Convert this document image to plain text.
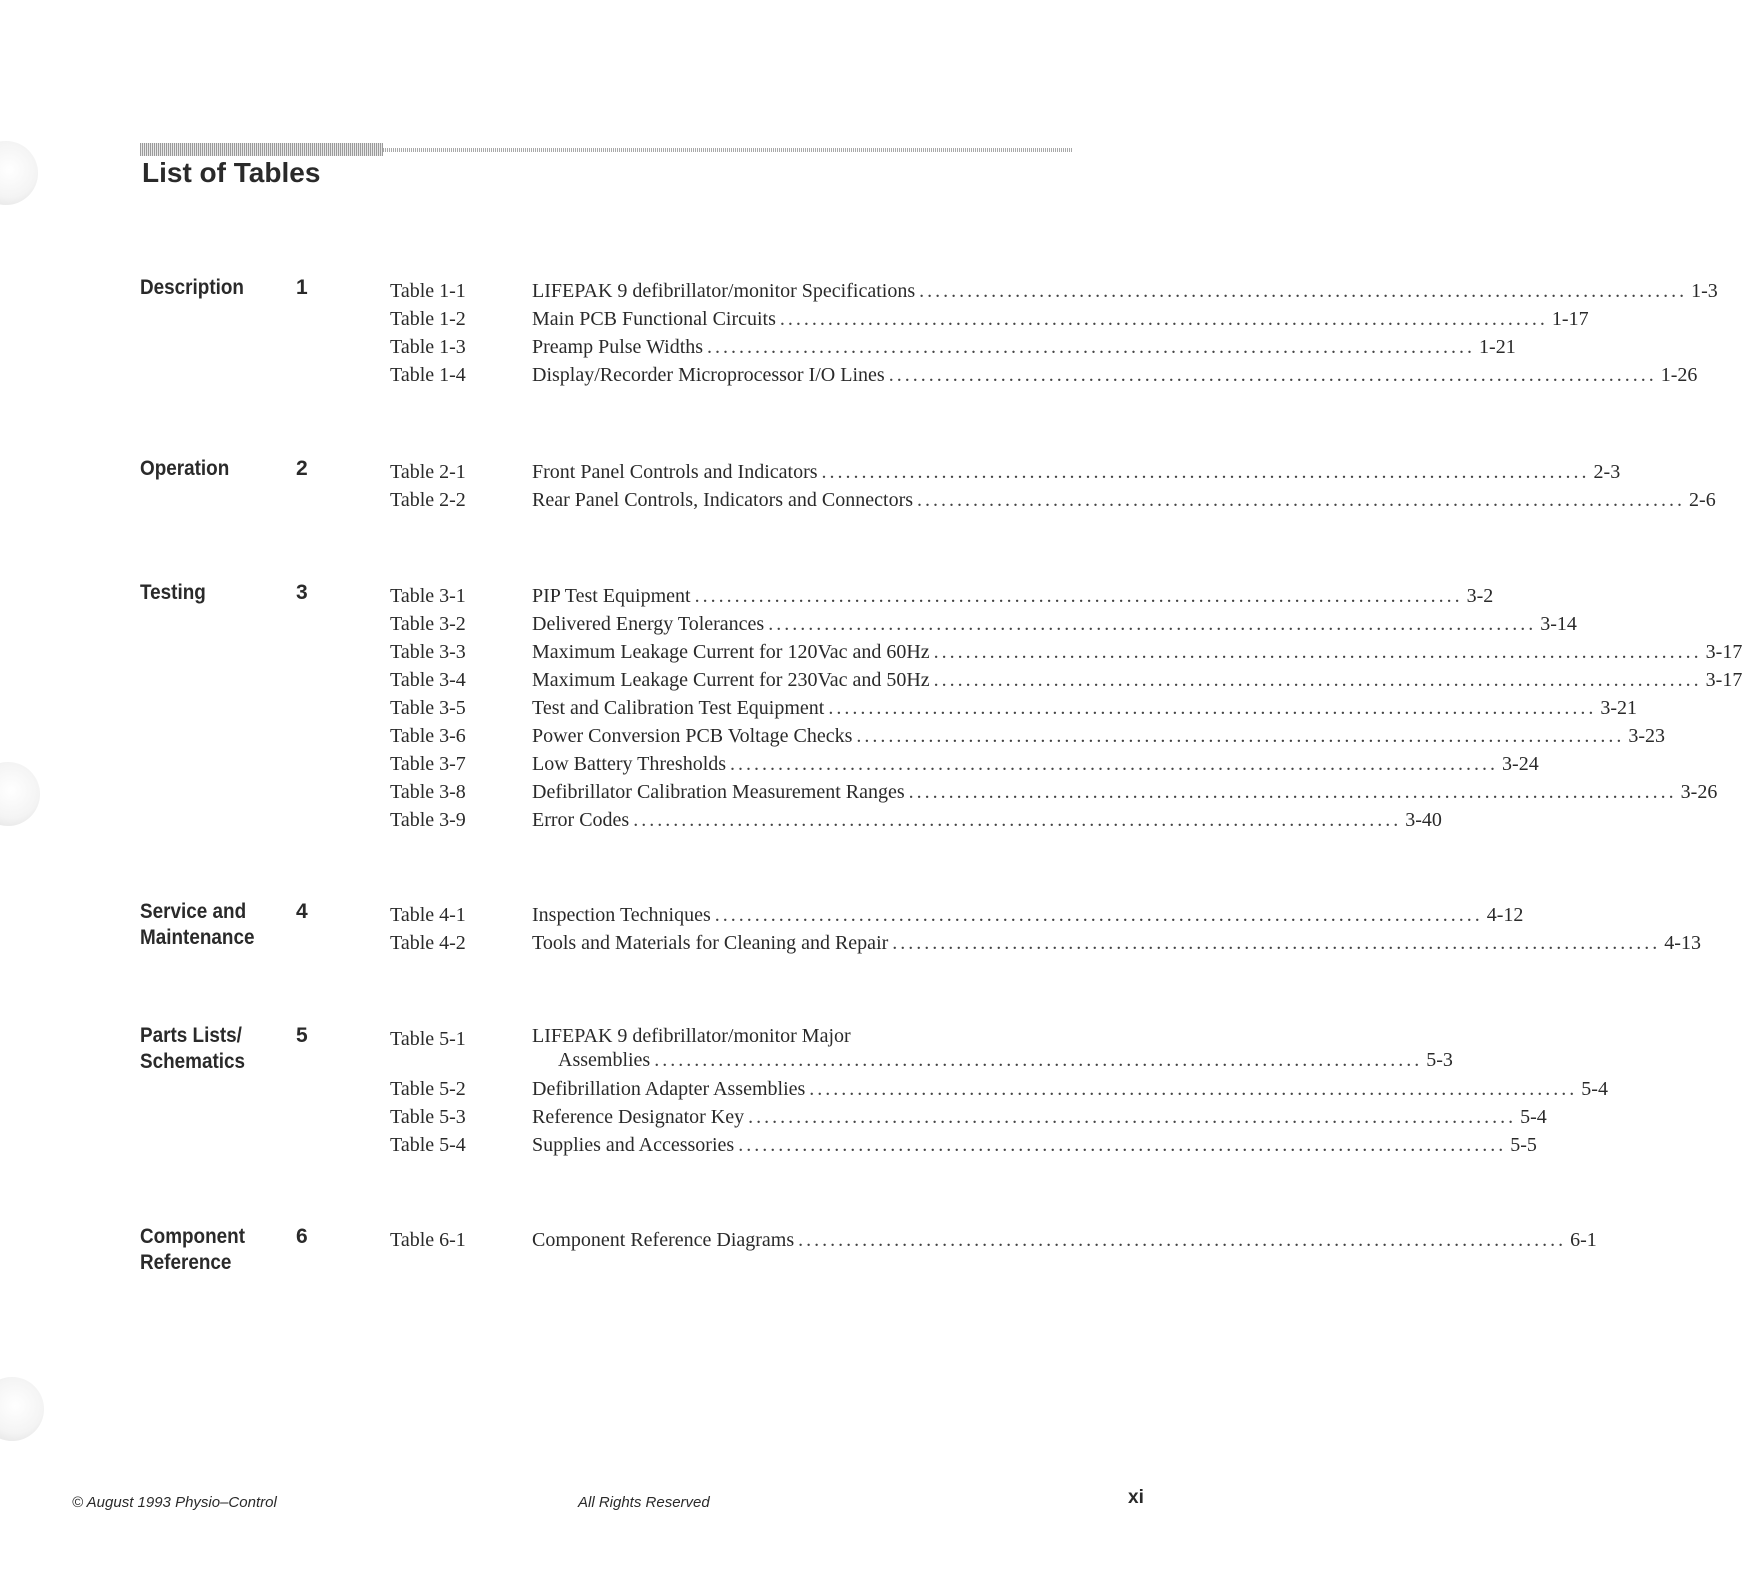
List of Tables
Description	1	Table 1-1	LIFEPAK 9 defibrillator/monitor Specifications ................................................................................................ 1-3
Table 1-2	Main PCB Functional Circuits ................................................................................................ 1-17
Table 1-3	Preamp Pulse Widths ................................................................................................ 1-21
Table 1-4	Display/Recorder Microprocessor I/O Lines ................................................................................................ 1-26
Operation	2	Table 2-1	Front Panel Controls and Indicators ................................................................................................ 2-3
Table 2-2	Rear Panel Controls, Indicators and Connectors ................................................................................................ 2-6
Testing	3	Table 3-1	PIP Test Equipment ................................................................................................ 3-2
Table 3-2	Delivered Energy Tolerances ................................................................................................ 3-14
Table 3-3	Maximum Leakage Current for 120Vac and 60Hz ................................................................................................ 3-17
Table 3-4	Maximum Leakage Current for 230Vac and 50Hz ................................................................................................ 3-17
Table 3-5	Test and Calibration Test Equipment ................................................................................................ 3-21
Table 3-6	Power Conversion PCB Voltage Checks ................................................................................................ 3-23
Table 3-7	Low Battery Thresholds ................................................................................................ 3-24
Table 3-8	Defibrillator Calibration Measurement Ranges ................................................................................................ 3-26
Table 3-9	Error Codes ................................................................................................ 3-40
Service and
Maintenance
4	Table 4-1	Inspection Techniques ................................................................................................ 4-12
Table 4-2	Tools and Materials for Cleaning and Repair ................................................................................................ 4-13
Parts Lists/
Schematics
5	Table 5-1	LIFEPAK 9 defibrillator/monitor Major
Assemblies ................................................................................................ 5-3
Table 5-2	Defibrillation Adapter Assemblies ................................................................................................ 5-4
Table 5-3	Reference Designator Key ................................................................................................ 5-4
Table 5-4	Supplies and Accessories ................................................................................................ 5-5
Component
Reference
6	Table 6-1	Component Reference Diagrams ................................................................................................ 6-1
© August 1993 Physio–Control	All Rights Reserved	xi
